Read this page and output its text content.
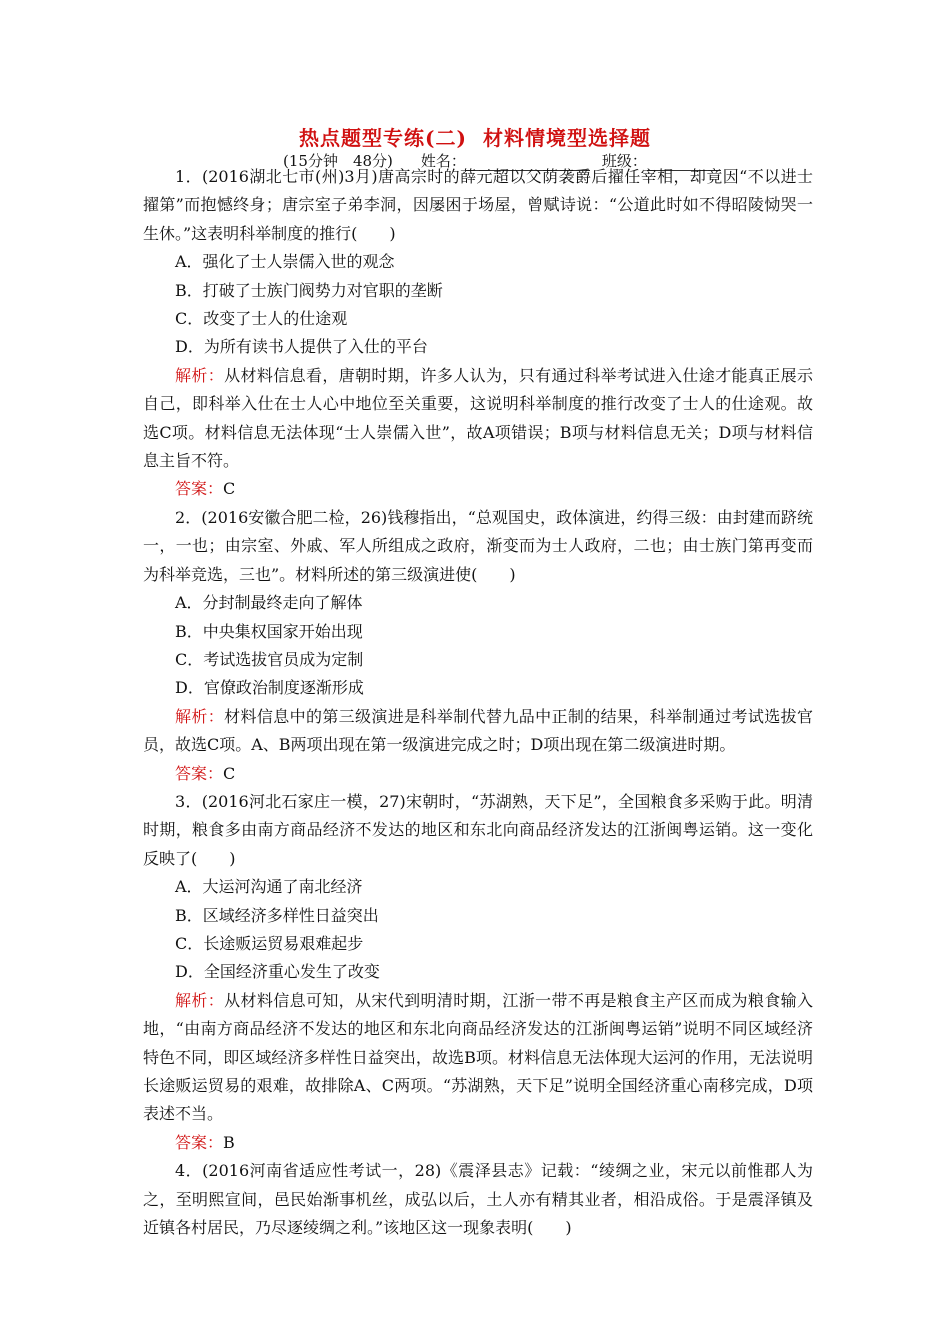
热点题型专练(二) 材料情境型选择题
(15分钟　48分) 姓名：	班级：
1．(2016湖北七市(州)3月)唐高宗时的薛元超以父荫袭爵后擢任宰相，却竟因“不以进士擢第”而抱憾终身；唐宗室子弟李洞，因屡困于场屋，曾赋诗说：“公道此时如不得昭陵恸哭一生休。”这表明科举制度的推行(　　)
A．强化了士人崇儒入世的观念
B．打破了士族门阀势力对官职的垄断
C．改变了士人的仕途观
D．为所有读书人提供了入仕的平台
解析：从材料信息看，唐朝时期，许多人认为，只有通过科举考试进入仕途才能真正展示自己，即科举入仕在士人心中地位至关重要，这说明科举制度的推行改变了士人的仕途观。故选C项。材料信息无法体现“士人崇儒入世”，故A项错误；B项与材料信息无关；D项与材料信息主旨不符。
答案：C
2．(2016安徽合肥二检，26)钱穆指出，“总观国史，政体演进，约得三级：由封建而跻统一，一也；由宗室、外戚、军人所组成之政府，渐变而为士人政府，二也；由士族门第再变而为科举竞选，三也”。材料所述的第三级演进使(　　)
A．分封制最终走向了解体
B．中央集权国家开始出现
C．考试选拔官员成为定制
D．官僚政治制度逐渐形成
解析：材料信息中的第三级演进是科举制代替九品中正制的结果，科举制通过考试选拔官员，故选C项。A、B两项出现在第一级演进完成之时；D项出现在第二级演进时期。
答案：C
3．(2016河北石家庄一模，27)宋朝时，“苏湖熟，天下足”，全国粮食多采购于此。明清时期，粮食多由南方商品经济不发达的地区和东北向商品经济发达的江浙闽粤运销。这一变化反映了(　　)
A．大运河沟通了南北经济
B．区域经济多样性日益突出
C．长途贩运贸易艰难起步
D．全国经济重心发生了改变
解析：从材料信息可知，从宋代到明清时期，江浙一带不再是粮食主产区而成为粮食输入地，“由南方商品经济不发达的地区和东北向商品经济发达的江浙闽粤运销”说明不同区域经济特色不同，即区域经济多样性日益突出，故选B项。材料信息无法体现大运河的作用，无法说明长途贩运贸易的艰难，故排除A、C两项。“苏湖熟，天下足”说明全国经济重心南移完成，D项表述不当。
答案：B
4．(2016河南省适应性考试一，28)《震泽县志》记载：“绫绸之业，宋元以前惟郡人为之，至明熙宣间，邑民始渐事机丝，成弘以后，土人亦有精其业者，相沿成俗。于是震泽镇及近镇各村居民，乃尽逐绫绸之利。”该地区这一现象表明(　　)
